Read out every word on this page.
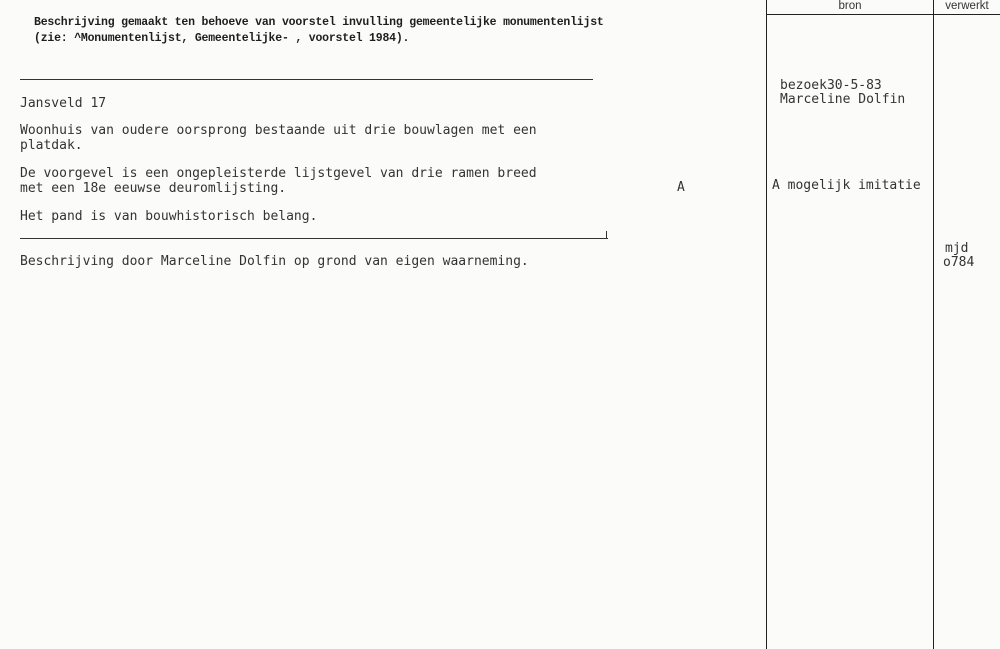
Beschrijving gemaakt ten behoeve van voorstel invulling gemeentelijke monumentenlijst
(zie: ^Monumentenlijst, Gemeentelijke- , voorstel 1984).
Jansveld 17
Woonhuis van oudere oorsprong bestaande uit drie bouwlagen met een
platdak.
De voorgevel is een ongepleisterde lijstgevel van drie ramen breed
met een 18e eeuwse deuromlijsting.
Het pand is van bouwhistorisch belang.
A
Beschrijving door Marceline Dolfin op grond van eigen waarneming.
bron	verwerkt
bezoek30-5-83
Marceline Dolfin
A mogelijk imitatie
mjd
o784
